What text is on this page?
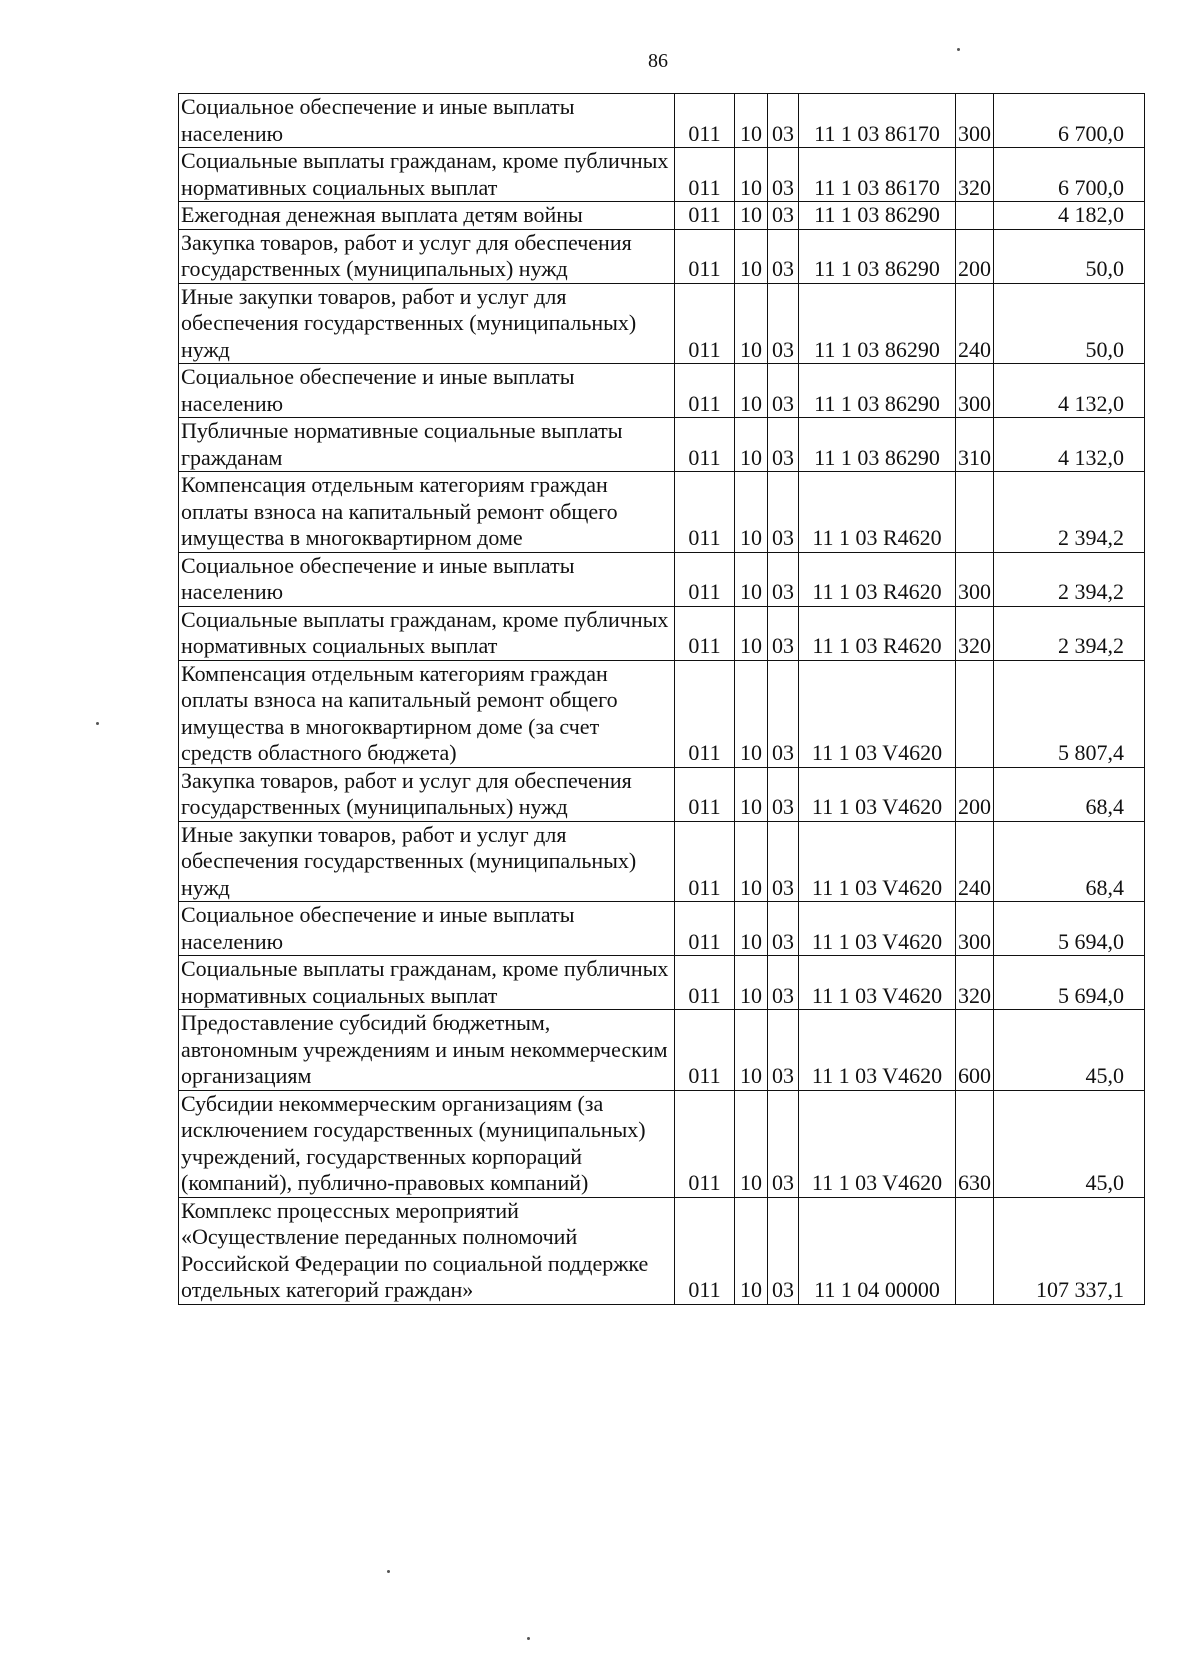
86
Социальное обеспечение и иные выплаты населению	011	10	03	11 1 03 86170	300	6 700,0
Социальные выплаты гражданам, кроме публичных нормативных социальных выплат	011	10	03	11 1 03 86170	320	6 700,0
Ежегодная денежная выплата детям войны	011	10	03	11 1 03 86290		4 182,0
Закупка товаров, работ и услуг для обеспечения государственных (муниципальных) нужд	011	10	03	11 1 03 86290	200	50,0
Иные закупки товаров, работ и услуг для обеспечения государственных (муниципальных) нужд	011	10	03	11 1 03 86290	240	50,0
Социальное обеспечение и иные выплаты населению	011	10	03	11 1 03 86290	300	4 132,0
Публичные нормативные социальные выплаты гражданам	011	10	03	11 1 03 86290	310	4 132,0
Компенсация отдельным категориям граждан оплаты взноса на капитальный ремонт общего имущества в многоквартирном доме	011	10	03	11 1 03 R4620		2 394,2
Социальное обеспечение и иные выплаты населению	011	10	03	11 1 03 R4620	300	2 394,2
Социальные выплаты гражданам, кроме публичных нормативных социальных выплат	011	10	03	11 1 03 R4620	320	2 394,2
Компенсация отдельным категориям граждан оплаты взноса на капитальный ремонт общего имущества в многоквартирном доме (за счет средств областного бюджета)	011	10	03	11 1 03 V4620		5 807,4
Закупка товаров, работ и услуг для обеспечения государственных (муниципальных) нужд	011	10	03	11 1 03 V4620	200	68,4
Иные закупки товаров, работ и услуг для обеспечения государственных (муниципальных) нужд	011	10	03	11 1 03 V4620	240	68,4
Социальное обеспечение и иные выплаты населению	011	10	03	11 1 03 V4620	300	5 694,0
Социальные выплаты гражданам, кроме публичных нормативных социальных выплат	011	10	03	11 1 03 V4620	320	5 694,0
Предоставление субсидий бюджетным, автономным учреждениям и иным некоммерческим организациям	011	10	03	11 1 03 V4620	600	45,0
Субсидии некоммерческим организациям (за исключением государственных (муниципальных) учреждений, государственных корпораций (компаний), публично-правовых компаний)	011	10	03	11 1 03 V4620	630	45,0
Комплекс процессных мероприятий «Осуществление переданных полномочий Российской Федерации по социальной поддержке отдельных категорий граждан»	011	10	03	11 1 04 00000		107 337,1
